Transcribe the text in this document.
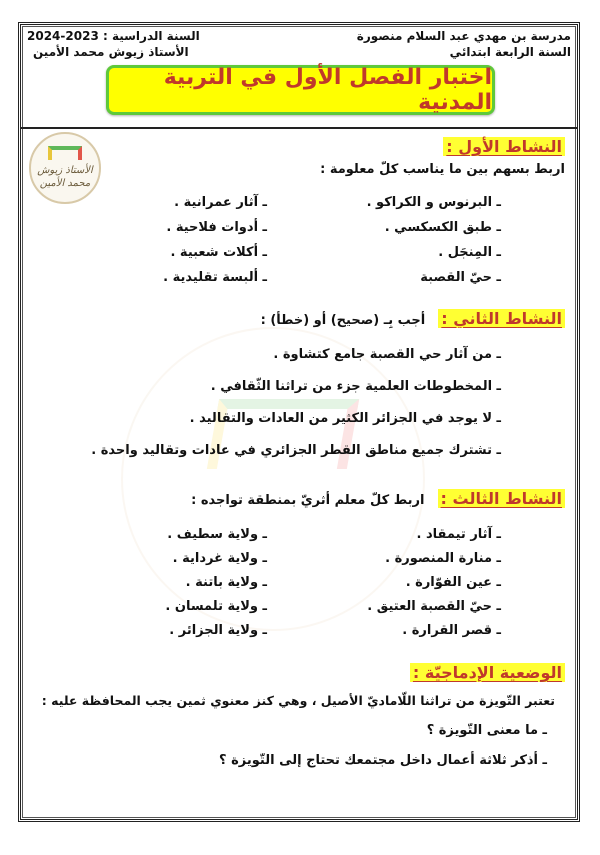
مدرسة بن مهدي عبد السلام منصورة
السنة الرابعة ابتدائي
السنة الدراسية : 2023-2024
الأستاذ زيوش محمد الأمين
اختبار الفصل الأول في التربية المدنية
الأستاذ زيوش
محمد الأمين
النشاط الأول :
اربط بسهم بين ما يناسب كلّ معلومة :
ـ البرنوس و الكراكو .
ـ طبق الكسكسي .
ـ المِنجَل .
ـ حيّ القصبة
ـ آثار عمرانية .
ـ أدوات فلاحية .
ـ أكلات شعبية .
ـ ألبسة تقليدية .
النشاط الثاني : أجب بِـ (صحيح) أو (خطأ) :
ـ من آثار حي القصبة جامع كتشاوة .
ـ المخطوطات العلمية جزء من تراثنا الثّقافي .
ـ لا يوجد في الجزائر الكثير من العادات والتقاليد .
ـ تشترك جميع مناطق القطر الجزائري في عادات وتقاليد واحدة .
النشاط الثالث : اربط كلّ معلم أثريّ بمنطقة تواجده :
ـ آثار تيمقاد .
ـ منارة المنصورة .
ـ عين الفوّارة .
ـ حيّ القصبة العتيق .
ـ قصر القرارة .
ـ ولاية سطيف .
ـ ولاية غرداية .
ـ ولاية باتنة .
ـ ولاية تلمسان .
ـ ولاية الجزائر .
الوضعية الإدماجيّة :
تعتبر التّويزة من تراثنا اللّاماديّ الأصيل ، وهي كنز معنوي ثمين يجب المحافظة عليه :
ـ ما معنى التّويزة ؟
ـ أذكر ثلاثة أعمال داخل مجتمعك تحتاج إلى التّويزة ؟
